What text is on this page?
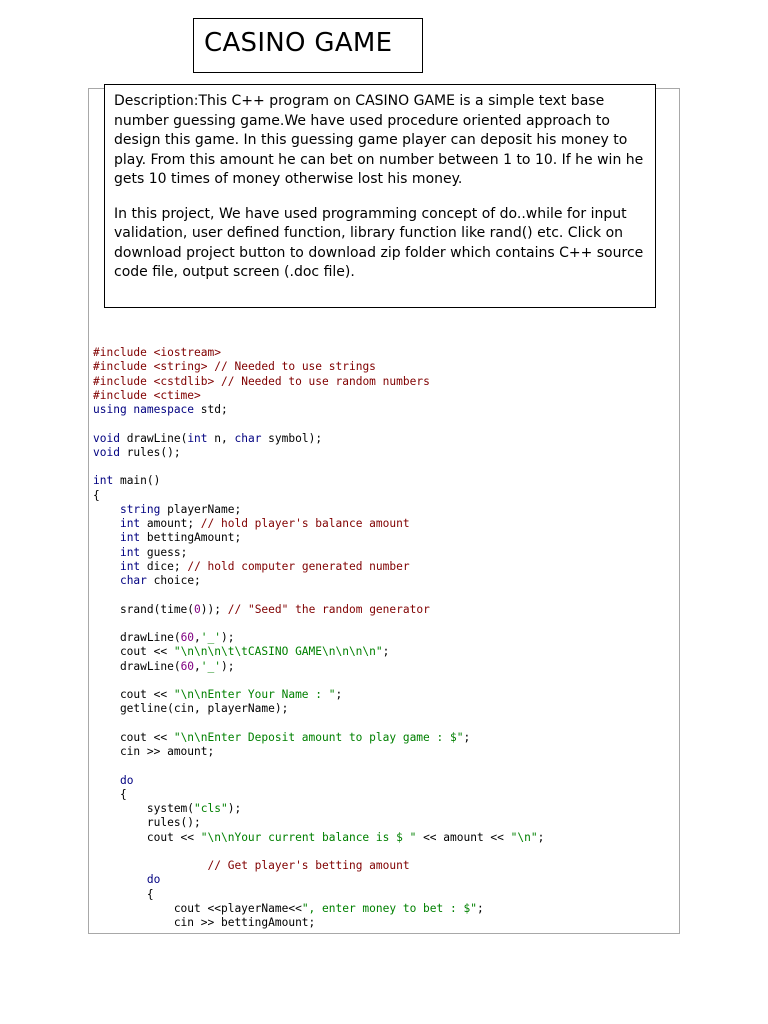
CASINO GAME

Description:This C++ program on CASINO GAME is a simple text base number guessing game.We have used procedure oriented approach to design this game. In this guessing game player can deposit his money to play. From this amount he can bet on number between 1 to 10. If he win he gets 10 times of money otherwise lost his money.

In this project, We have used programming concept of do..while for input validation, user defined function, library function like rand() etc. Click on download project button to download zip folder which contains C++ source code file, output screen (.doc file).

#include <iostream>
#include <string> // Needed to use strings
#include <cstdlib> // Needed to use random numbers
#include <ctime>
using namespace std;
void drawLine(int n, char symbol);
void rules();
int main()
{
string playerName;
int amount; // hold player's balance amount
int bettingAmount;
int guess;
int dice; // hold computer generated number
char choice;
srand(time(0)); // "Seed" the random generator
drawLine(60,'_');
cout << "\n\n\n\t\tCASINO GAME\n\n\n\n";
drawLine(60,'_');
cout << "\n\nEnter Your Name : ";
getline(cin, playerName);
cout << "\n\nEnter Deposit amount to play game : $";
cin >> amount;
do
{
system("cls");
rules();
cout << "\n\nYour current balance is $ " << amount << "\n";
// Get player's betting amount
do
{
cout <<playerName<<", enter money to bet : $";
cin >> bettingAmount;
